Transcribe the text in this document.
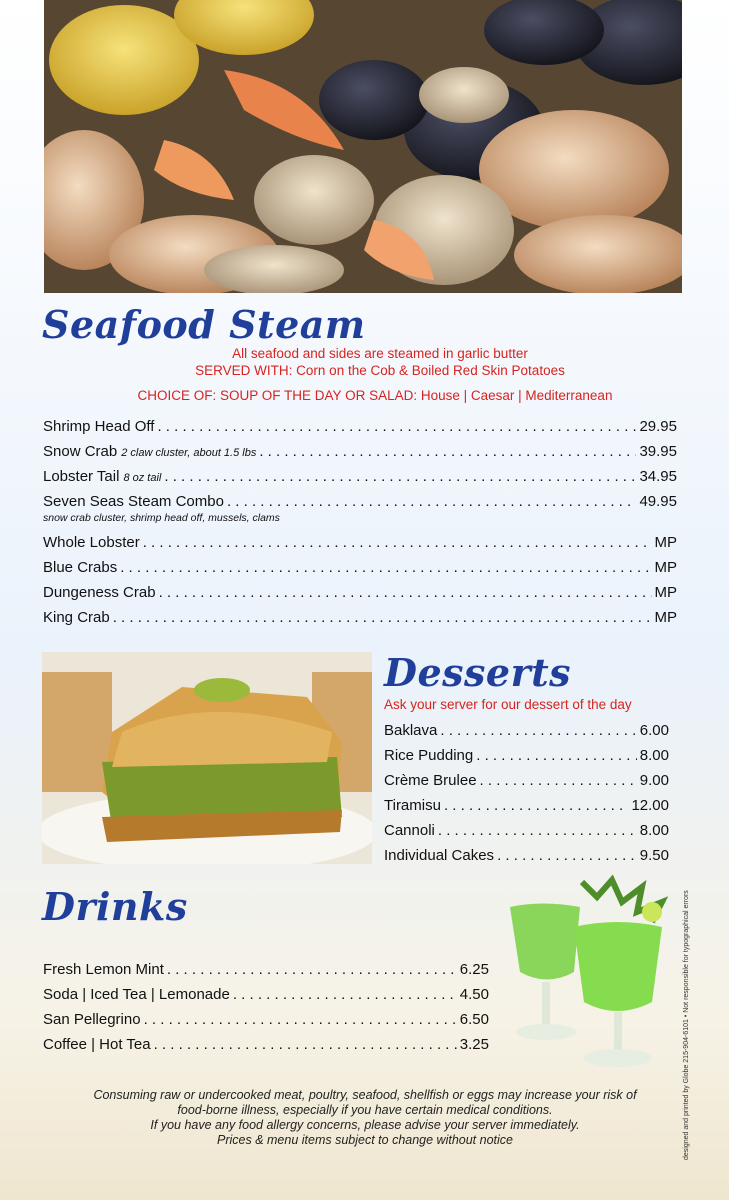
Seafood Steam
All seafood and sides are steamed in garlic butter
SERVED WITH: Corn on the Cob & Boiled Red Skin Potatoes
CHOICE OF: SOUP OF THE DAY OR SALAD: House | Caesar | Mediterranean
Shrimp Head Off . . .	29.95
Snow Crab 2 claw cluster, about 1.5 lbs . . .	39.95
Lobster Tail 8 oz tail . . .	34.95
Seven Seas Steam Combo . . .	49.95
snow crab cluster, shrimp head off, mussels, clams
Whole Lobster . . .	MP
Blue Crabs . . .	MP
Dungeness Crab . . .	MP
King Crab . . .	MP
Desserts
Ask your server for our dessert of the day
Baklava . . .	6.00
Rice Pudding . . .	8.00
Crème Brulee . . .	9.00
Tiramisu . . .	12.00
Cannoli . . .	8.00
Individual Cakes . . .	9.50
Drinks
Fresh Lemon Mint . . .	6.25
Soda | Iced Tea | Lemonade . . .	4.50
San Pellegrino . . .	6.50
Coffee | Hot Tea . . .	3.25
Consuming raw or undercooked meat, poultry, seafood, shellfish or eggs may increase your risk of
food-borne illness, especially if you have certain medical conditions.
If you have any food allergy concerns, please advise your server immediately.
Prices & menu items subject to change without notice	designed and printed by Globe 215-904-6101 • Not responsible for typographical errors
